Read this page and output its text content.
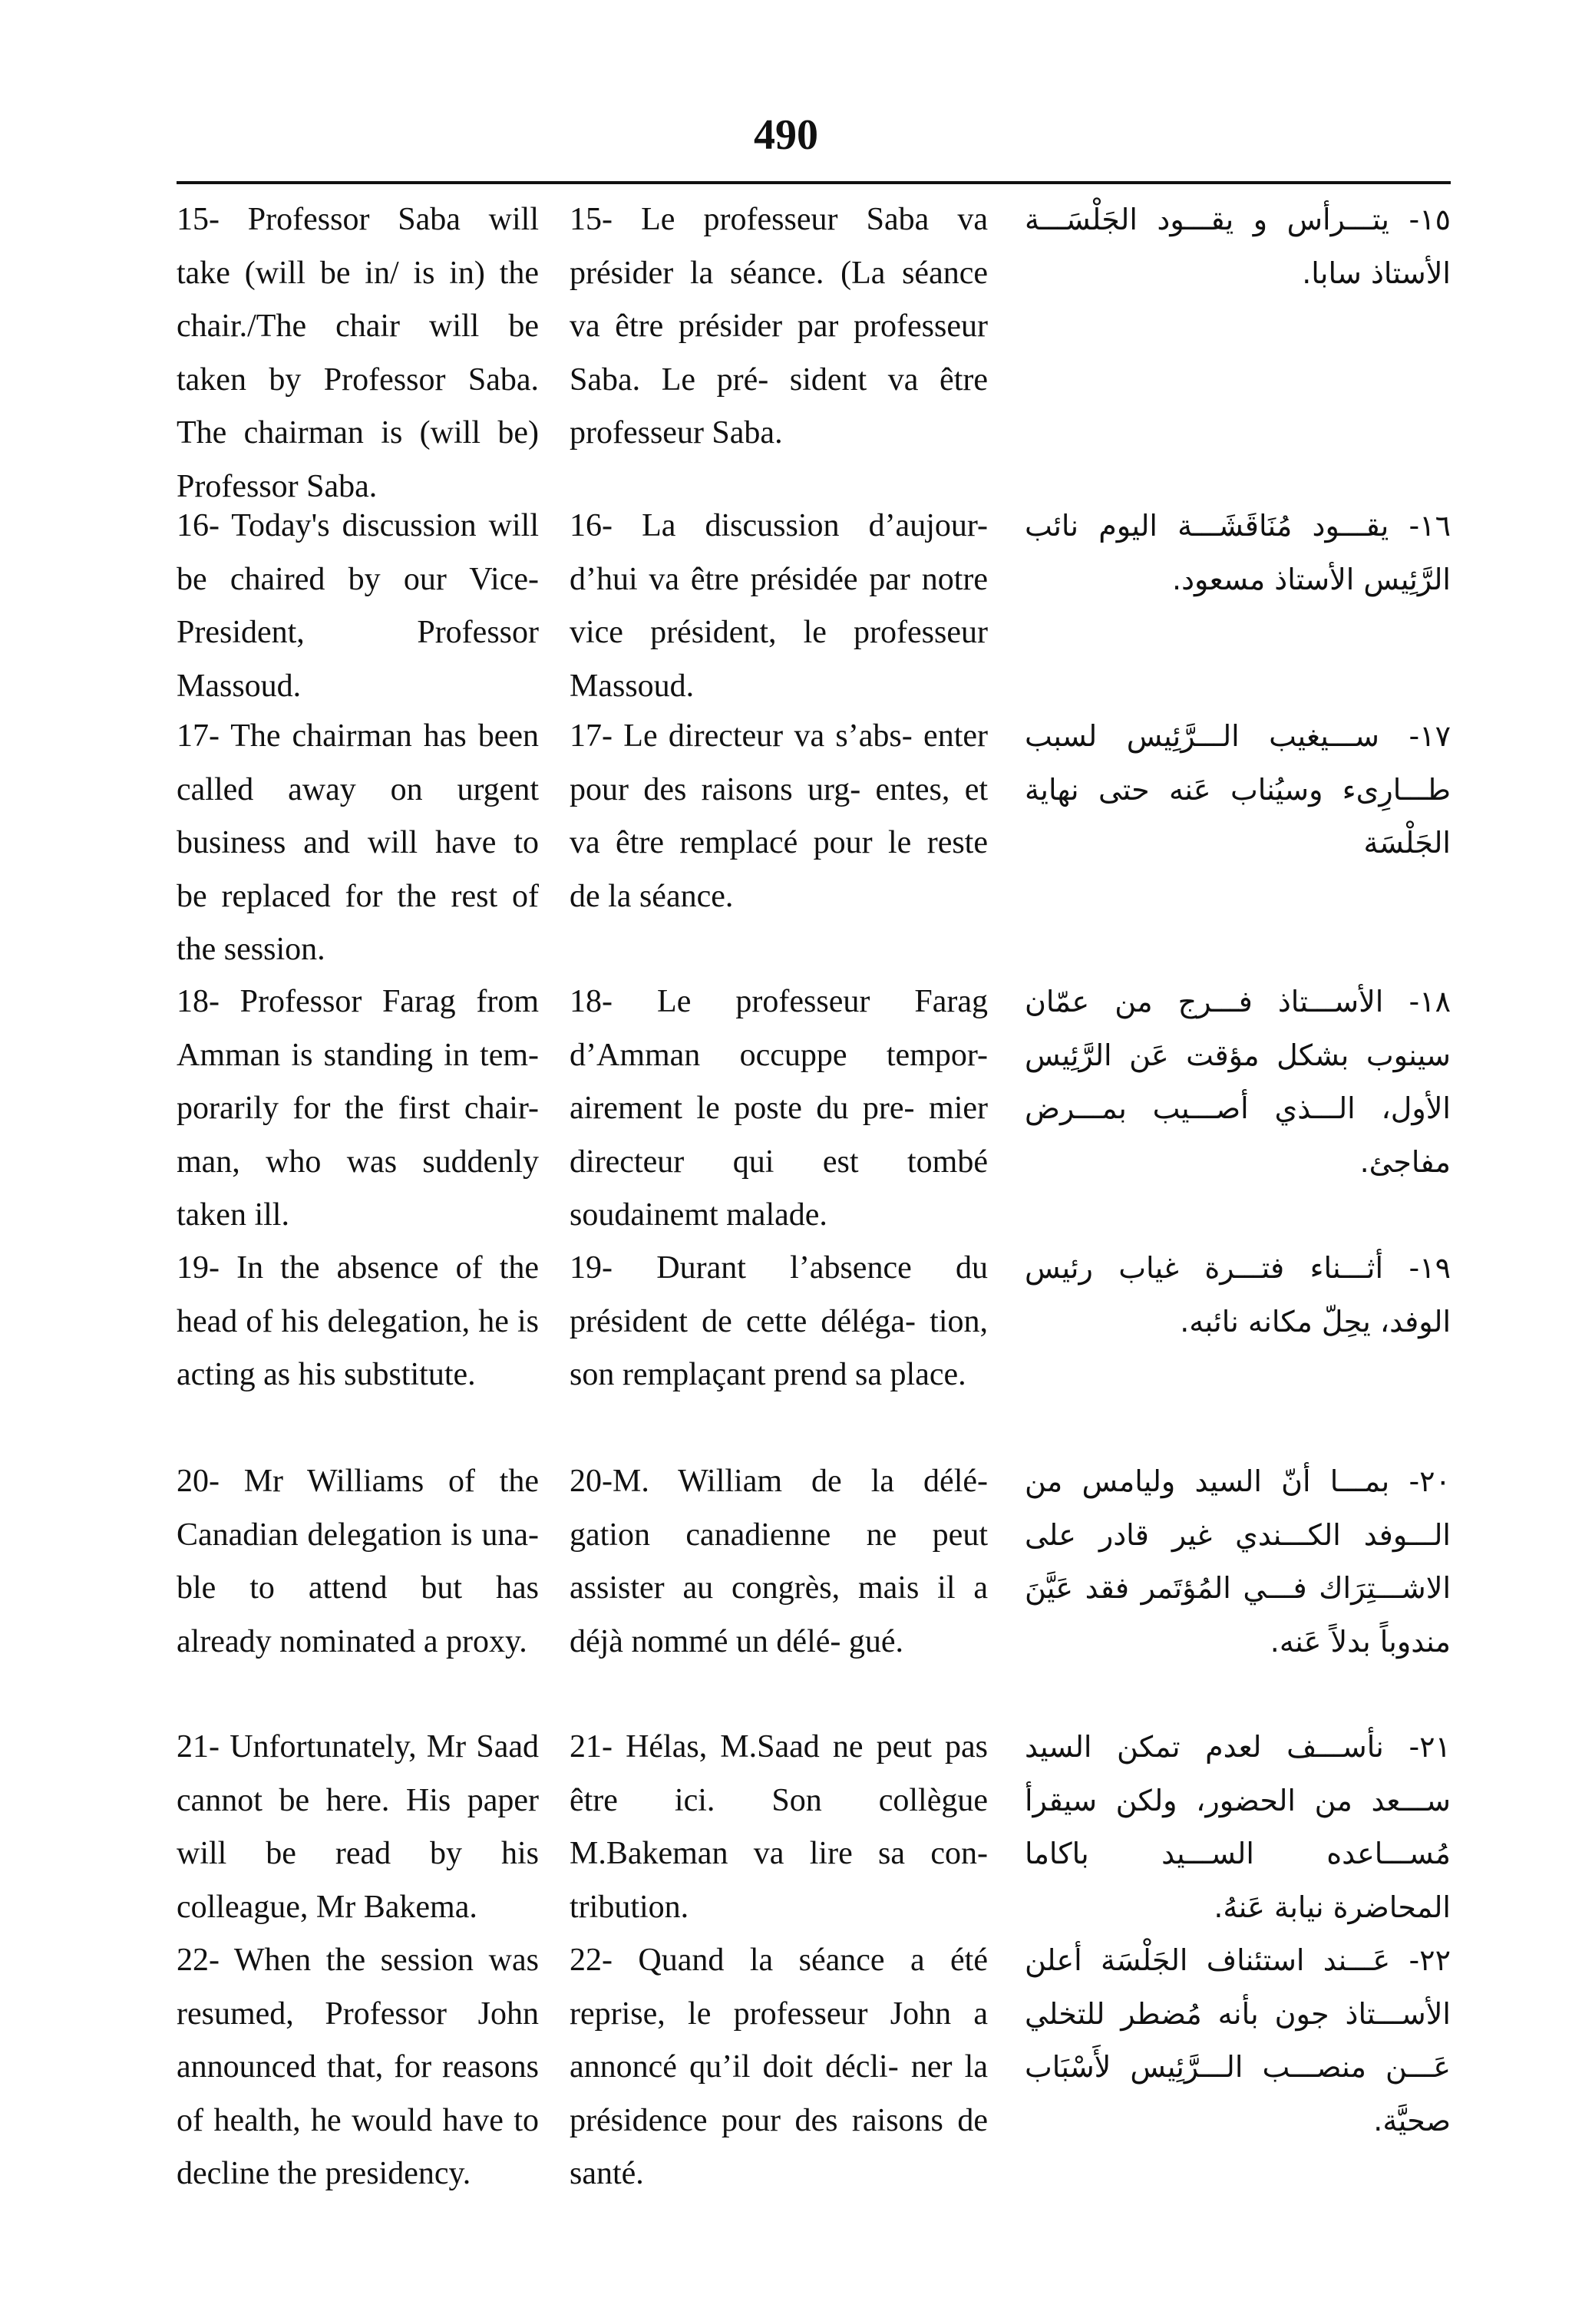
490
15- Professor Saba will take (will be in/ is in) the chair./The chair will be taken by Professor Saba. The chairman is (will be) Professor Saba.
15- Le professeur Saba va présider la séance. (La séance va être présider par professeur Saba. Le pré- sident va être professeur Saba.
١٥- يتـــرأس و يقـــود الجَلْسَـــة الأستاذ سابا.
16- Today's discussion will be chaired by our Vice-President, Professor Massoud.
16- La discussion d’aujour- d’hui va être présidée par notre vice président, le professeur Massoud.
١٦- يقـــود مُنَاقَشَـــة اليوم نائب الرَّئِيس الأستاذ مسعود.
17- The chairman has been called away on urgent business and will have to be replaced for the rest of the session.
17- Le directeur va s’abs- enter pour des raisons urg- entes, et va être remplacé pour le reste de la séance.
١٧- ســـيغيب الـــرَّئِيس لسبب طـــارِىء وسيُناب عَنه حتى نهاية الجَلْسَة
18- Professor Farag from Amman is standing in tem- porarily for the first chair- man, who was suddenly taken ill.
18- Le professeur Farag d’Amman occuppe tempor- airement le poste du pre- mier directeur qui est tombé soudainemt malade.
١٨- الأســـتاذ فـــرج من عمّان سينوب بشكل مؤقت عَن الرَّئِيس الأول، الـــذي أصـــيب بمـــرض مفاجئ.
19- In the absence of the head of his delegation, he is acting as his substitute.
19- Durant l’absence du président de cette déléga- tion, son remplaçant prend sa place.
١٩- أثـــناء فتـــرة غياب رئيس الوفد، يحِلّ مكانه نائبه.
20- Mr Williams of the Canadian delegation is una- ble to attend but has already nominated a proxy.
20-M. William de la délé- gation canadienne ne peut assister au congrès, mais il a déjà nommé un délé- gué.
٢٠- بمـــا أنّ السيد وليامس من الـــوفد الكـــندي غير قادر على الاشـــتِرَاك فـــي المُؤتَمر فقد عَيَّنَ مندوباً بدلاً عَنه.
21- Unfortunately, Mr Saad cannot be here. His paper will be read by his colleague, Mr Bakema.
21- Hélas, M.Saad ne peut pas être ici. Son collègue M.Bakeman va lire sa con- tribution.
٢١- نأســـف لعدم تمكن السيد ســـعد من الحضور، ولكن سيقرأ مُســـاعده الســـيد باكاما المحاضرة نيابة عَنهُ.
22- When the session was resumed, Professor John announced that, for reasons of health, he would have to decline the presidency.
22- Quand la séance a été reprise, le professeur John a annoncé qu’il doit décli- ner la présidence pour des raisons de santé.
٢٢- عَـــند استئناف الجَلْسَة أعلن الأســـتاذ جون بأنه مُضطر للتخلي عَـــن منصـــب الـــرَّئِيس لأَسْبَاب صحيَّة.
